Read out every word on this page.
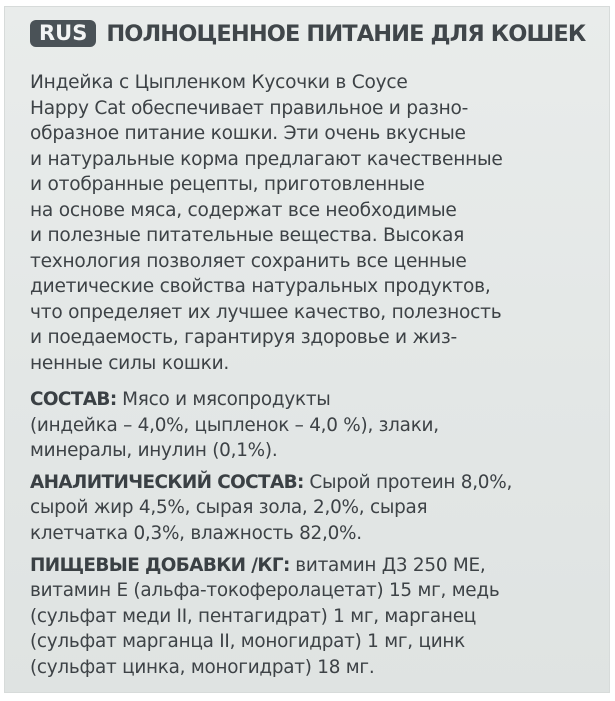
RUS ПОЛНОЦЕННОЕ ПИТАНИЕ ДЛЯ КОШЕК
Индейка с Цыпленком Кусочки в Соусе
Happy Cat обеспечивает правильное и разно-
образное питание кошки. Эти очень вкусные
и натуральные корма предлагают качественные
и отобранные рецепты, приготовленные
на основе мяса, содержат все необходимые
и полезные питательные вещества. Высокая
технология позволяет сохранить все ценные
диетические свойства натуральных продуктов,
что определяет их лучшее качество, полезность
и поедаемость, гарантируя здоровье и жиз-
ненные силы кошки.
СОСТАВ: Мясо и мясопродукты
(индейка – 4,0%, цыпленок – 4,0 %), злаки,
минералы, инулин (0,1%).
АНАЛИТИЧЕСКИЙ СОСТАВ: Сырой протеин 8,0%,
сырой жир 4,5%, сырая зола, 2,0%, сырая
клетчатка 0,3%, влажность 82,0%.
ПИЩЕВЫЕ ДОБАВКИ /КГ: витамин Д3 250 МЕ,
витамин Е (альфа-токоферолацетат) 15 мг, медь
(сульфат меди II, пентагидрат) 1 мг, марганец
(сульфат марганца II, моногидрат) 1 мг, цинк
(сульфат цинка, моногидрат) 18 мг.
